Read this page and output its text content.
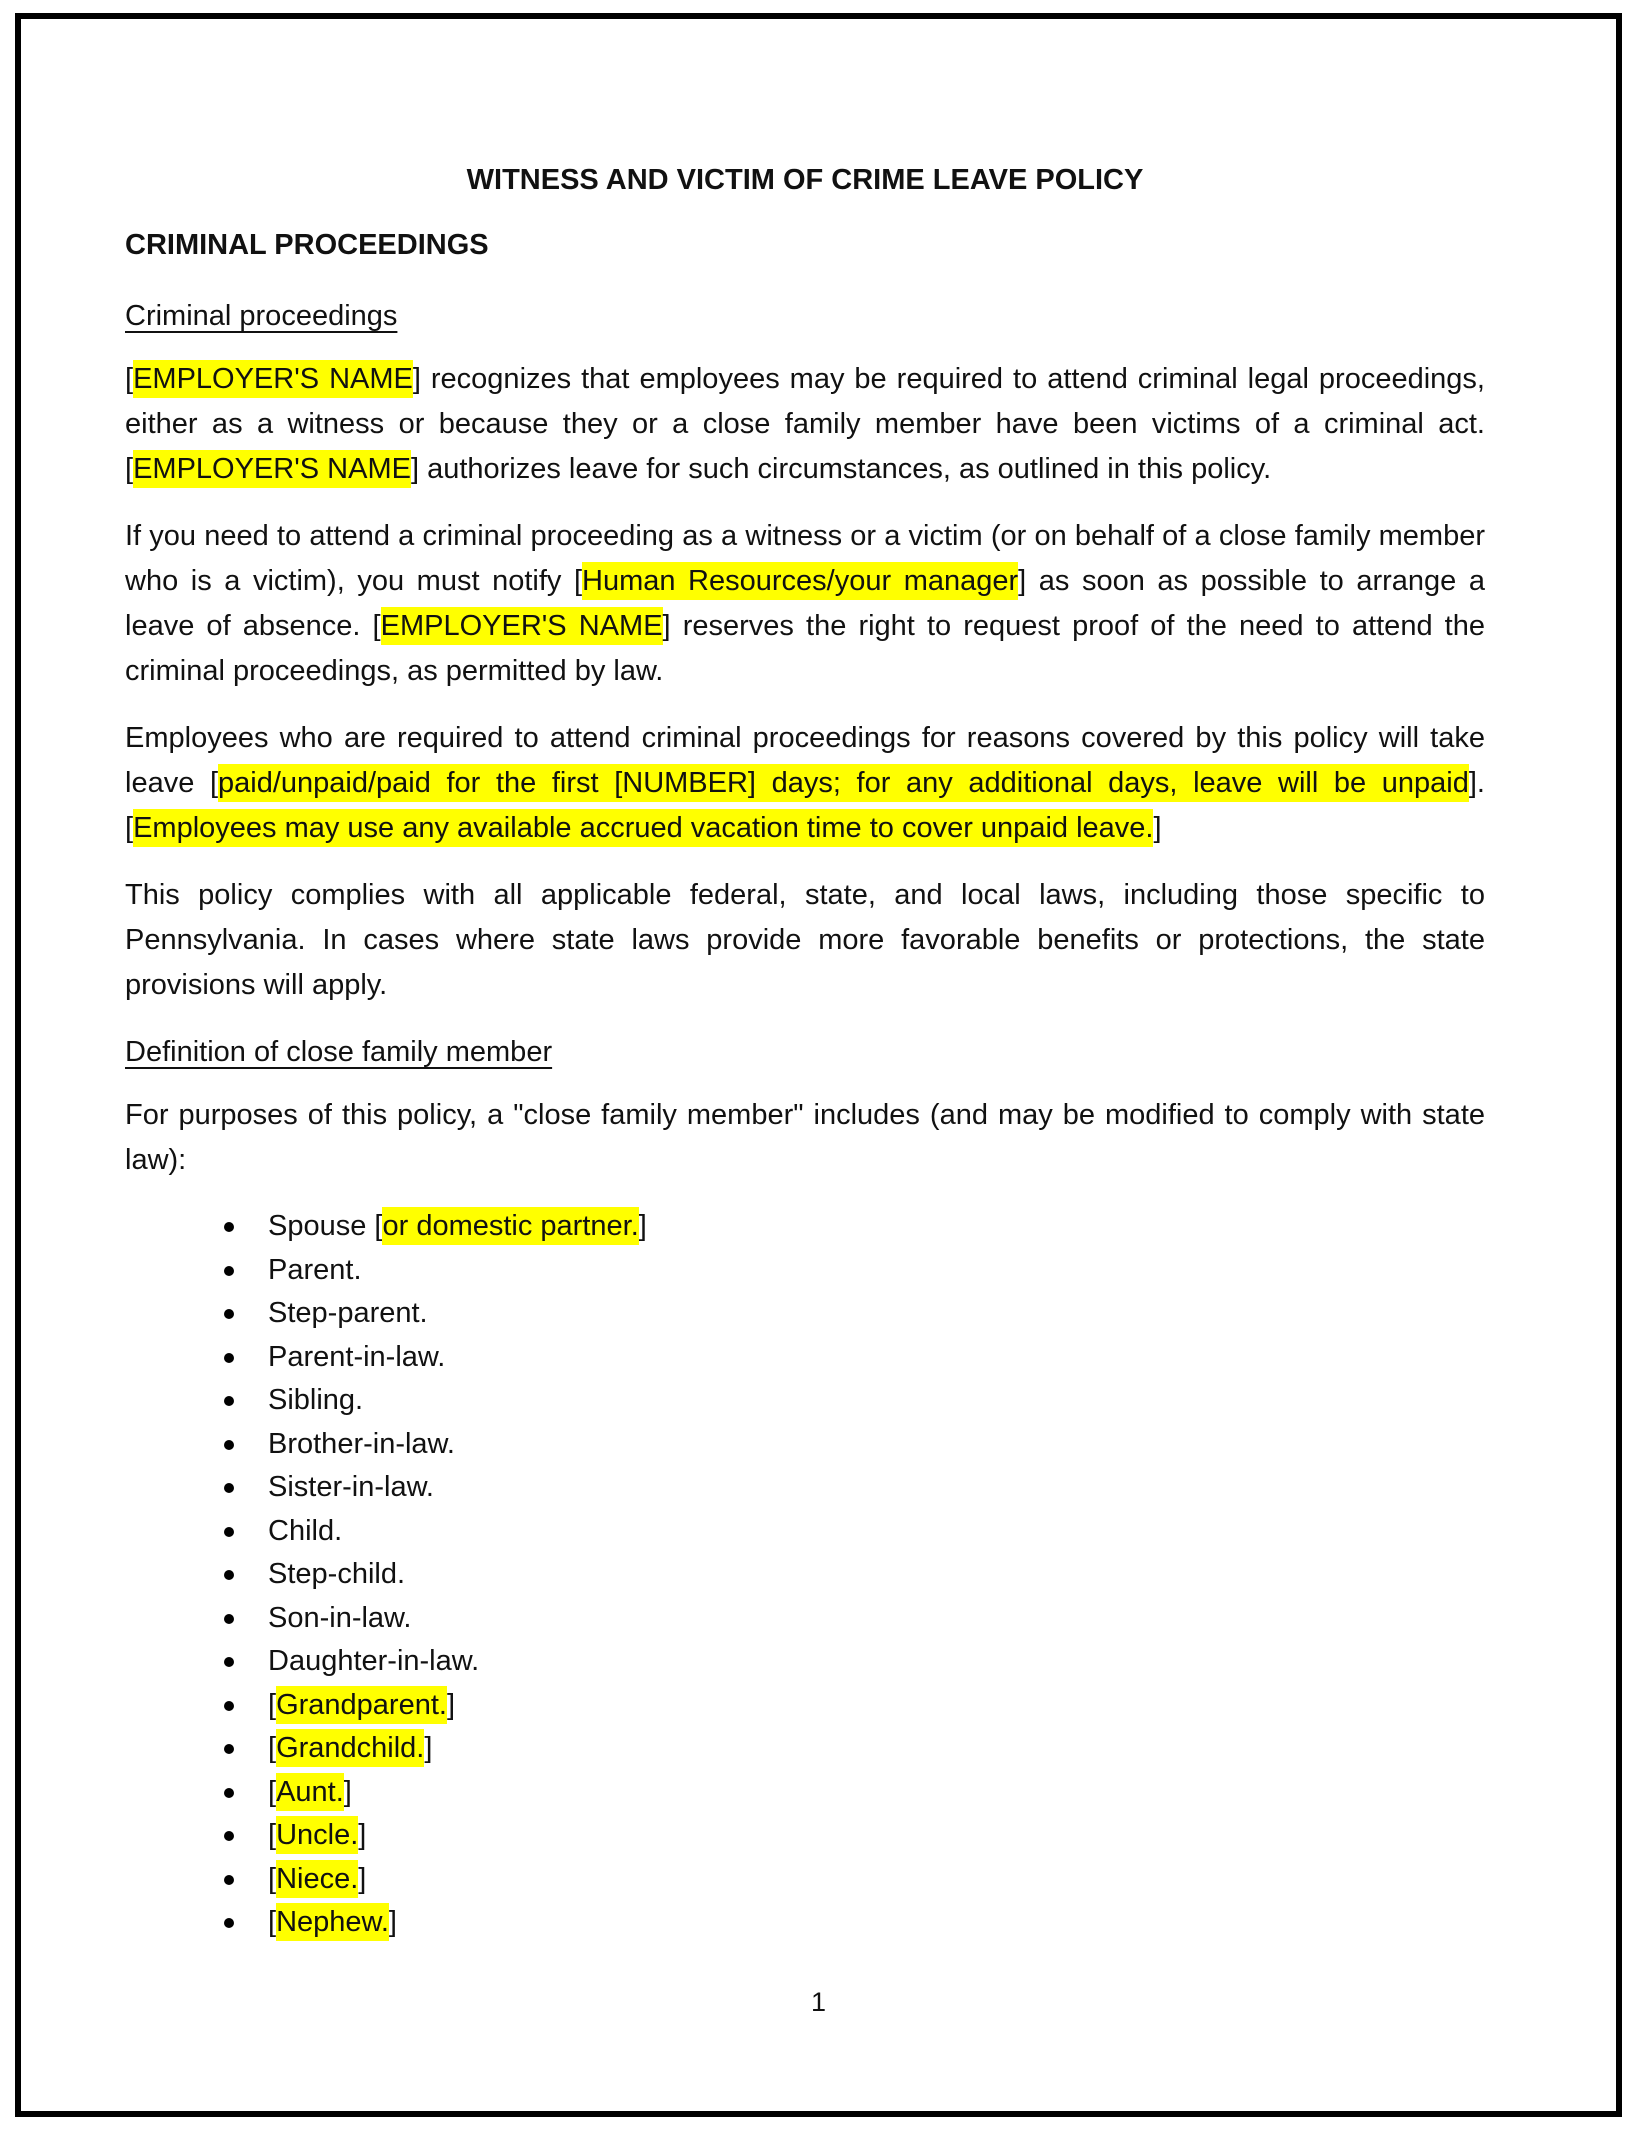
WITNESS AND VICTIM OF CRIME LEAVE POLICY
CRIMINAL PROCEEDINGS
Criminal proceedings

[EMPLOYER'S NAME] recognizes that employees may be required to attend criminal legal proceedings, either as a witness or because they or a close family member have been victims of a criminal act. [EMPLOYER'S NAME] authorizes leave for such circumstances, as outlined in this policy.

If you need to attend a criminal proceeding as a witness or a victim (or on behalf of a close family member who is a victim), you must notify [Human Resources/your manager] as soon as possible to arrange a leave of absence. [EMPLOYER'S NAME] reserves the right to request proof of the need to attend the criminal proceedings, as permitted by law.

Employees who are required to attend criminal proceedings for reasons covered by this policy will take leave [paid/unpaid/paid for the first [NUMBER] days; for any additional days, leave will be unpaid]. [Employees may use any available accrued vacation time to cover unpaid leave.]

This policy complies with all applicable federal, state, and local laws, including those specific to Pennsylvania. In cases where state laws provide more favorable benefits or protections, the state provisions will apply.

Definition of close family member

For purposes of this policy, a "close family member" includes (and may be modified to comply with state law):

Spouse [or domestic partner.]
Parent.
Step-parent.
Parent-in-law.
Sibling.
Brother-in-law.
Sister-in-law.
Child.
Step-child.
Son-in-law.
Daughter-in-law.
[Grandparent.]
[Grandchild.]
[Aunt.]
[Uncle.]
[Niece.]
[Nephew.]
1
